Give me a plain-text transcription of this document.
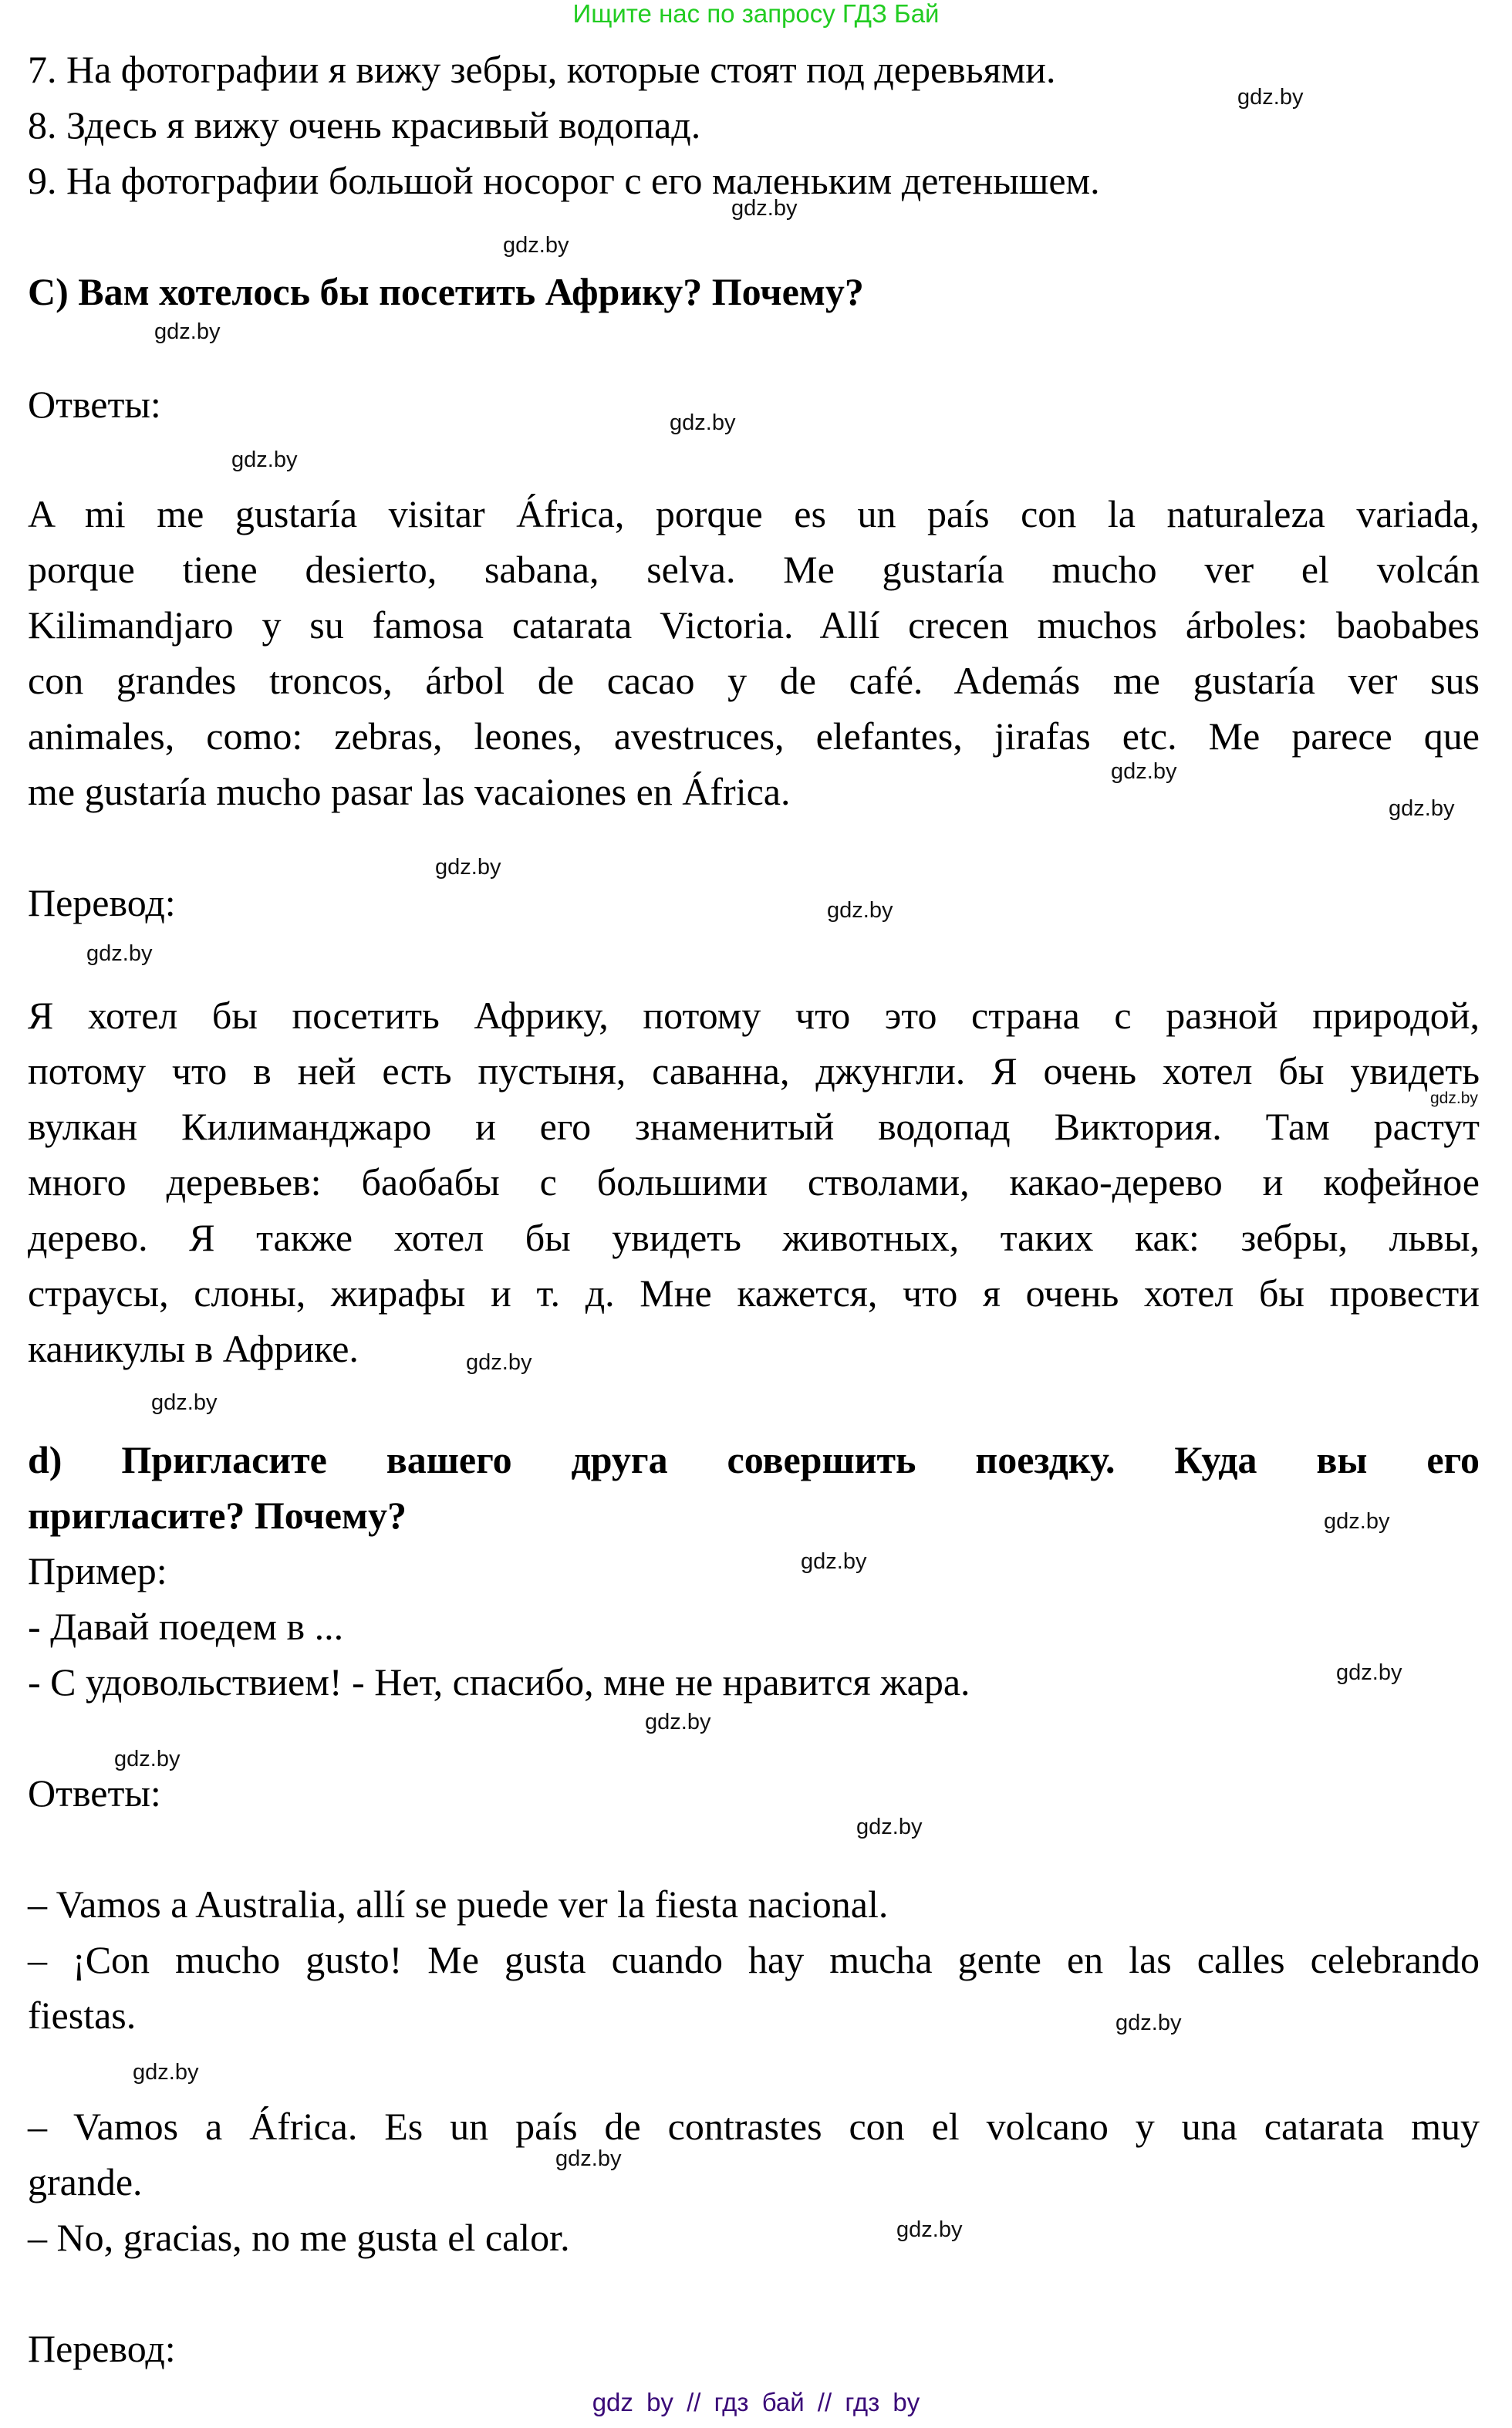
Ищите нас по запросу ГДЗ Бай
7. На фотографии я вижу зебры, которые стоят под деревьями.
8. Здесь я вижу очень красивый водопад.
9. На фотографии большой носорог с его маленьким детенышем.
C) Вам хотелось бы посетить Африку? Почему?
Ответы:
A mi me gustaría visitar África, porque es un país con la naturaleza variada,
porque tiene desierto, sabana, selva. Me gustaría mucho ver el volcán
Kilimandjaro y su famosa catarata Victoria. Allí crecen muchos árboles: baobabes
con grandes troncos, árbol de cacao y de café. Además me gustaría ver sus
animales, como: zebras, leones, avestruces, elefantes, jirafas etc. Me parece que
me gustaría mucho pasar las vacaiones en África.
Перевод:
Я хотел бы посетить Африку, потому что это страна с разной природой,
потому что в ней есть пустыня, саванна, джунгли. Я очень хотел бы увидеть
вулкан Килиманджаро и его знаменитый водопад Виктория. Там растут
много деревьев: баобабы с большими стволами, какао-дерево и кофейное
дерево. Я также хотел бы увидеть животных, таких как: зебры, львы,
страусы, слоны, жирафы и т. д. Мне кажется, что я очень хотел бы провести
каникулы в Африке.
d) Пригласите вашего друга совершить поездку. Куда вы его
пригласите? Почему?
Пример:
- Давай поедем в ...
- С удовольствием! - Нет, спасибо, мне не нравится жара.
Ответы:
– Vamos a Australia, allí se puede ver la fiesta nacional.
– ¡Con mucho gusto! Me gusta cuando hay mucha gente en las calles celebrando
fiestas.
– Vamos a África. Es un país de contrastes con el volcano y una catarata muy
grande.
– No, gracias, no me gusta el calor.
Перевод:
gdz.by
gdz.by
gdz.by
gdz.by
gdz.by
gdz.by
gdz.by
gdz.by
gdz.by
gdz.by
gdz.by
gdz.by
gdz.by
gdz.by
gdz.by
gdz.by
gdz.by
gdz.by
gdz.by
gdz.by
gdz.by
gdz.by
gdz.by
gdz.by
gdz by // гдз бай // гдз by
